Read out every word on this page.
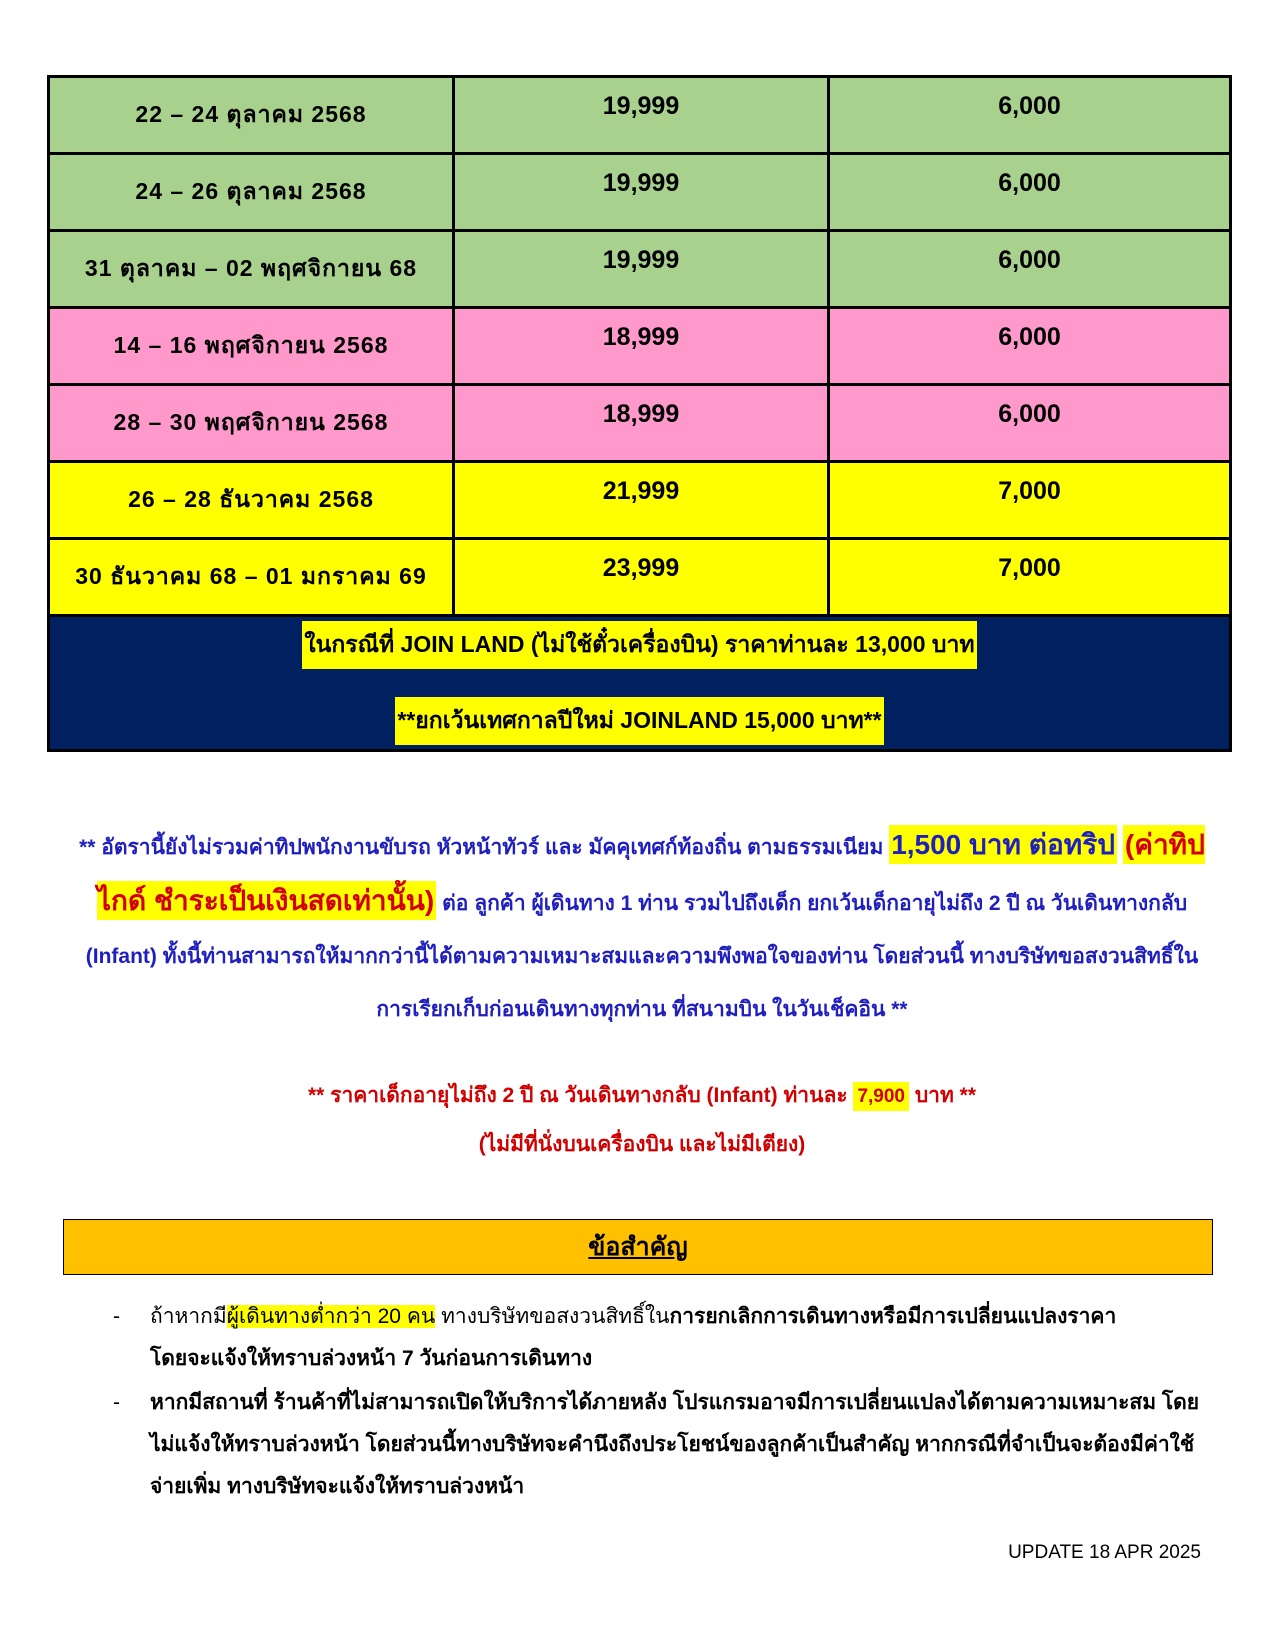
22 – 24 ตุลาคม 2568	19,999	6,000
24 – 26 ตุลาคม 2568	19,999	6,000
31 ตุลาคม – 02 พฤศจิกายน 68	19,999	6,000
14 – 16 พฤศจิกายน 2568	18,999	6,000
28 – 30 พฤศจิกายน 2568	18,999	6,000
26 – 28 ธันวาคม 2568	21,999	7,000
30 ธันวาคม 68 – 01 มกราคม 69	23,999	7,000

ในกรณีที่ JOIN LAND (ไม่ใช้ตั๋วเครื่องบิน) ราคาท่านละ 13,000 บาท
**ยกเว้นเทศกาลปีใหม่ JOINLAND 15,000 บาท**		
** อัตรานี้ยังไม่รวมค่าทิปพนักงานขับรถ หัวหน้าทัวร์ และ มัคคุเทศก์ท้องถิ่น ตามธรรมเนียม 1,500 บาท ต่อทริป (ค่าทิปไกด์ ชำระเป็นเงินสดเท่านั้น) ต่อ ลูกค้า ผู้เดินทาง 1 ท่าน รวมไปถึงเด็ก ยกเว้นเด็กอายุไม่ถึง 2 ปี ณ วันเดินทางกลับ (Infant) ทั้งนี้ท่านสามารถให้มากกว่านี้ได้ตามความเหมาะสมและความพึงพอใจของท่าน โดยส่วนนี้ ทางบริษัทขอสงวนสิทธิ์ในการเรียกเก็บก่อนเดินทางทุกท่าน ที่สนามบิน ในวันเช็คอิน **
** ราคาเด็กอายุไม่ถึง 2 ปี ณ วันเดินทางกลับ (Infant) ท่านละ 7,900 บาท **
(ไม่มีที่นั่งบนเครื่องบิน และไม่มีเตียง)
ข้อสำคัญ
- ถ้าหากมีผู้เดินทางต่ำกว่า 20 คน ทางบริษัทขอสงวนสิทธิ์ในการยกเลิกการเดินทางหรือมีการเปลี่ยนแปลงราคา
โดยจะแจ้งให้ทราบล่วงหน้า 7 วันก่อนการเดินทาง
- หากมีสถานที่ ร้านค้าที่ไม่สามารถเปิดให้บริการได้ภายหลัง โปรแกรมอาจมีการเปลี่ยนแปลงได้ตามความเหมาะสม โดยไม่แจ้งให้ทราบล่วงหน้า โดยส่วนนี้ทางบริษัทจะคำนึงถึงประโยชน์ของลูกค้าเป็นสำคัญ หากกรณีที่จำเป็นจะต้องมีค่าใช้จ่ายเพิ่ม ทางบริษัทจะแจ้งให้ทราบล่วงหน้า
UPDATE 18 APR 2025
